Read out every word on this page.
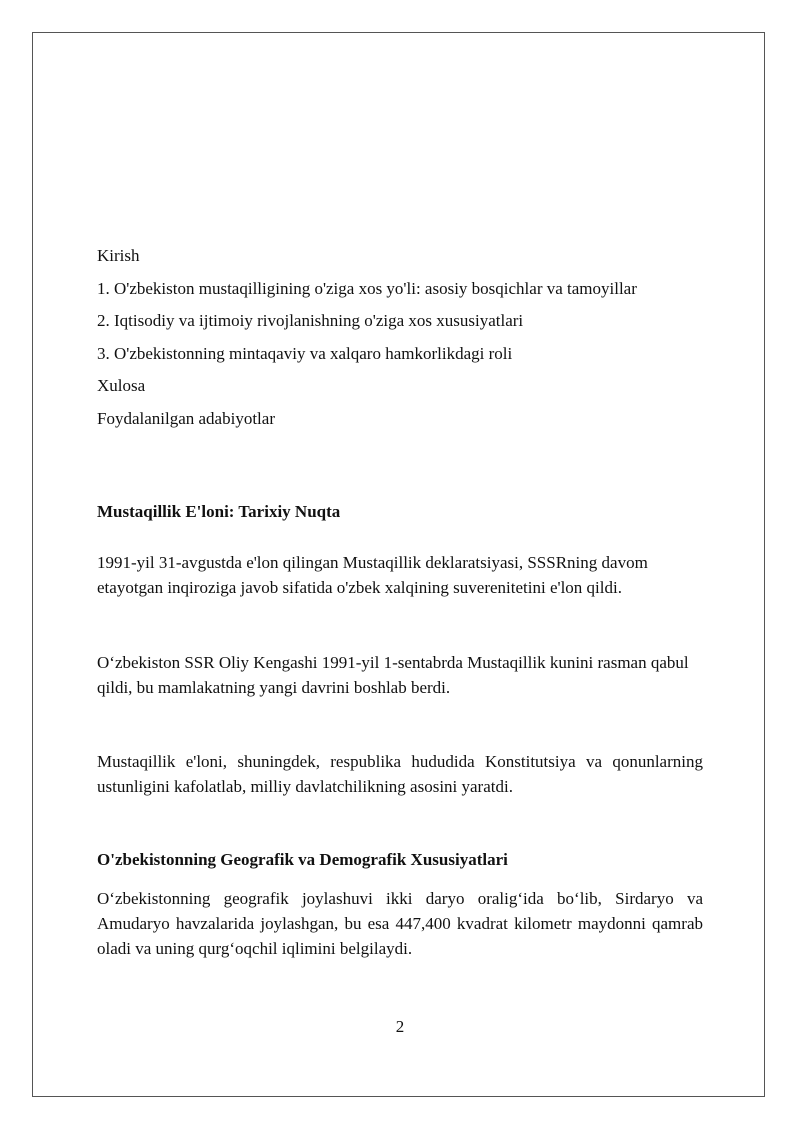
Kirish
1. O'zbekiston mustaqilligining o'ziga xos yo'li: asosiy bosqichlar va tamoyillar
2. Iqtisodiy va ijtimoiy rivojlanishning o'ziga xos xususiyatlari
3. O'zbekistonning mintaqaviy va xalqaro hamkorlikdagi roli
Xulosa
Foydalanilgan adabiyotlar
Mustaqillik E'loni: Tarixiy Nuqta

1991-yil 31-avgustda e'lon qilingan Mustaqillik deklaratsiyasi, SSSRning davom etayotgan inqiroziga javob sifatida o'zbek xalqining suverenitetini e'lon qildi.

O‘zbekiston SSR Oliy Kengashi 1991-yil 1-sentabrda Mustaqillik kunini rasman qabul qildi, bu mamlakatning yangi davrini boshlab berdi.

Mustaqillik e'loni, shuningdek, respublika hududida Konstitutsiya va qonunlarning ustunligini kafolatlab, milliy davlatchilikning asosini yaratdi.

O'zbekistonning Geografik va Demografik Xususiyatlari

O‘zbekistonning geografik joylashuvi ikki daryo oralig‘ida bo‘lib, Sirdaryo va Amudaryo havzalarida joylashgan, bu esa 447,400 kvadrat kilometr maydonni qamrab oladi va uning qurg‘oqchil iqlimini belgilaydi.

2
